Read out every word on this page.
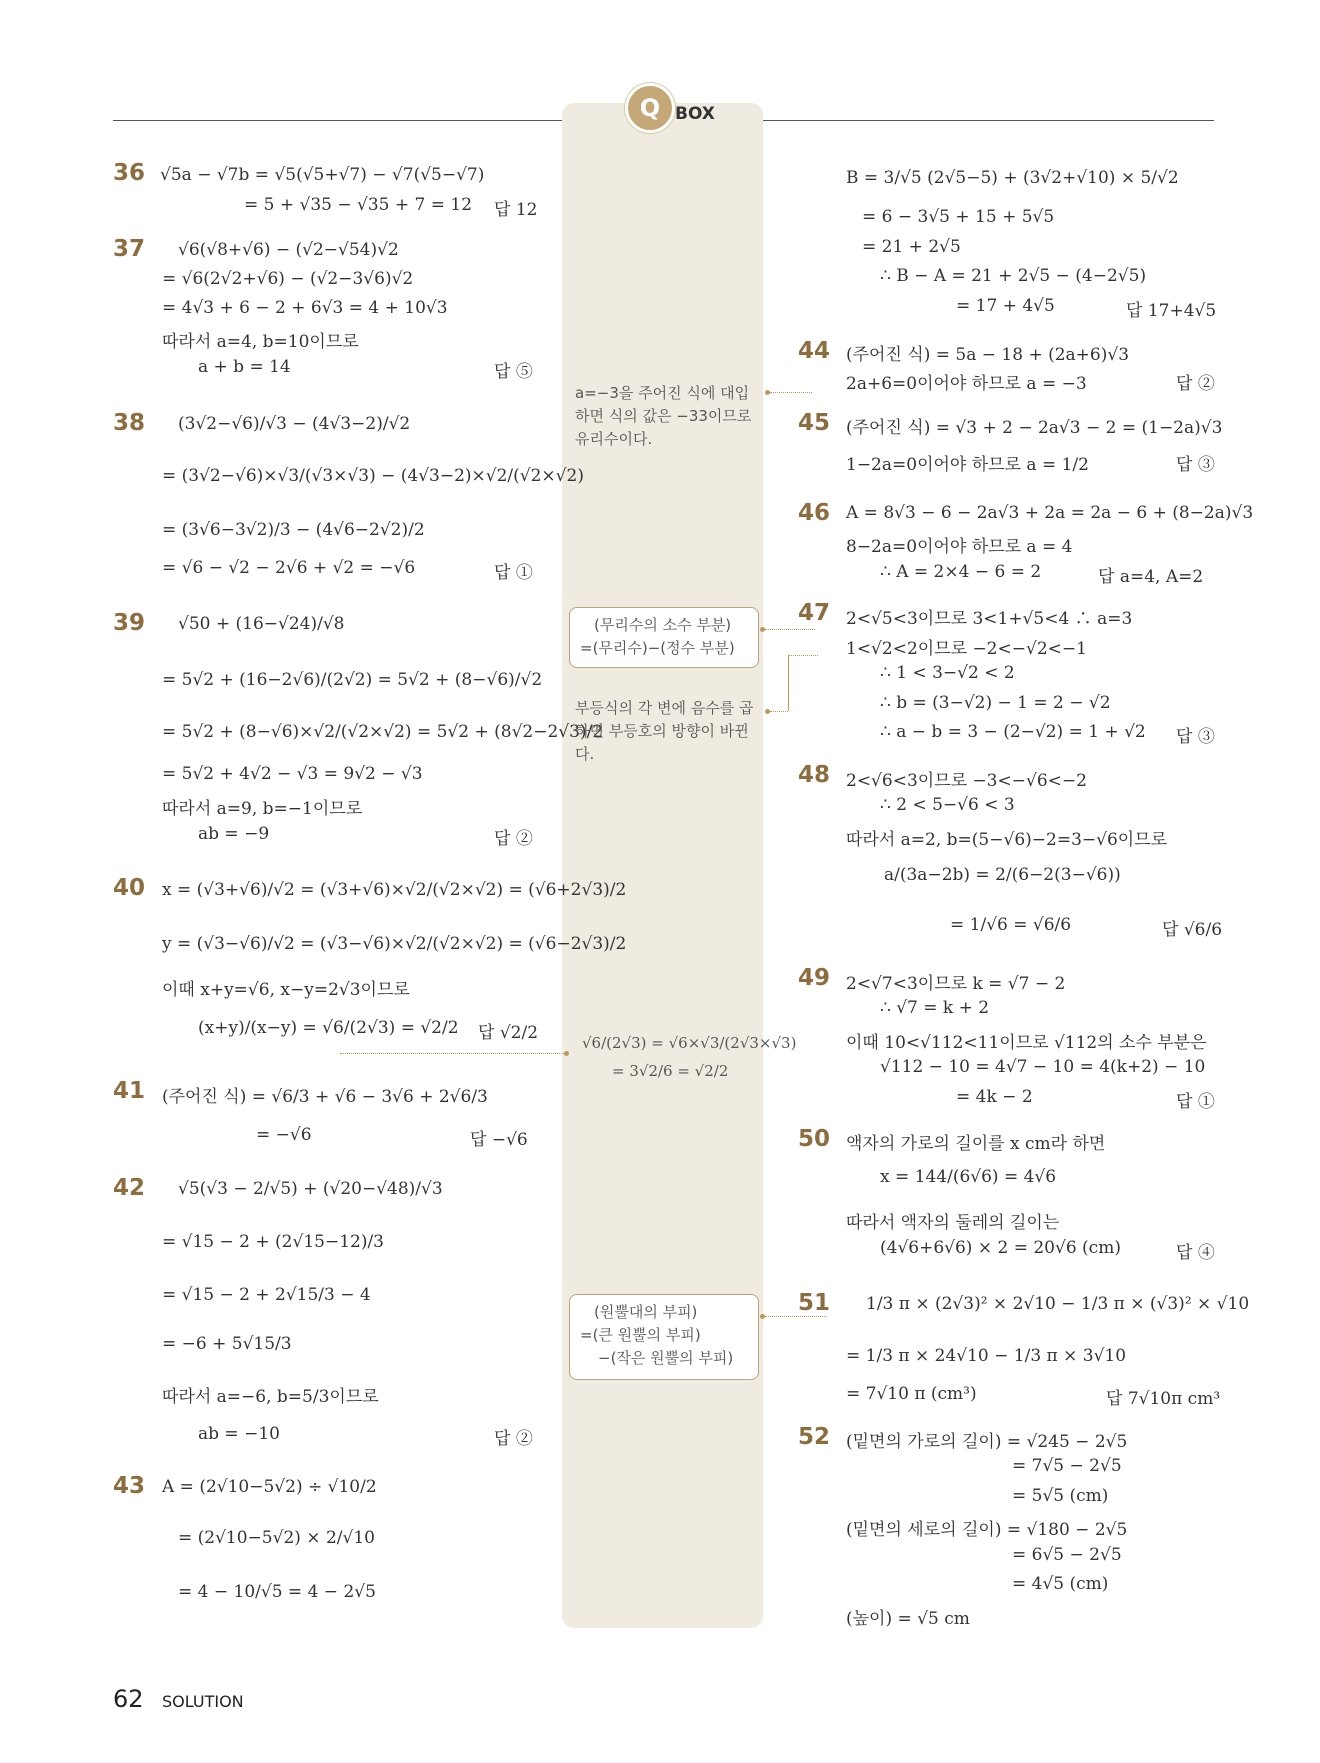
Q BOX
36 √5a − √7b = √5(√5+√7) − √7(√5−√7)
= 5 + √35 − √35 + 7 = 12 답 12
37 √6(√8+√6) − (√2−√54)√2
= √6(2√2+√6) − (√2−3√6)√2
= 4√3 + 6 − 2 + 6√3 = 4 + 10√3
따라서 a=4, b=10이므로
a + b = 14	답 ⑤
38 (3√2−√6)/√3 − (4√3−2)/√2
= (3√2−√6)×√3/(√3×√3) − (4√3−2)×√2/(√2×√2)
= (3√6−3√2)/3 − (4√6−2√2)/2
= √6 − √2 − 2√6 + √2 = −√6	답 ①
39 √50 + (16−√24)/√8
= 5√2 + (16−2√6)/(2√2) = 5√2 + (8−√6)/√2
= 5√2 + (8−√6)×√2/(√2×√2) = 5√2 + (8√2−2√3)/2
= 5√2 + 4√2 − √3 = 9√2 − √3
따라서 a=9, b=−1이므로
ab = −9	답 ②
40 x = (√3+√6)/√2 = (√3+√6)×√2/(√2×√2) = (√6+2√3)/2
y = (√3−√6)/√2 = (√3−√6)×√2/(√2×√2) = (√6−2√3)/2
이때 x+y=√6, x−y=2√3이므로
(x+y)/(x−y) = √6/(2√3) = √2/2 답 √2/2
41 (주어진 식) = √6/3 + √6 − 3√6 + 2√6/3
= −√6	답 −√6
42 √5(√3 − 2/√5) + (√20−√48)/√3
= √15 − 2 + (2√15−12)/3
= √15 − 2 + 2√15/3 − 4
= −6 + 5√15/3
따라서 a=−6, b=5/3이므로
ab = −10	답 ②
43 A = (2√10−5√2) ÷ √10/2
= (2√10−5√2) × 2/√10
= 4 − 10/√5 = 4 − 2√5
a=−3을 주어진 식에 대입하면 식의 값은 −33이므로 유리수이다.
(무리수의 소수 부분)
=(무리수)−(정수 부분)
부등식의 각 변에 음수를 곱하면 부등호의 방향이 바뀐다.
√6/(2√3) = √6×√3/(2√3×√3)
= 3√2/6 = √2/2
(원뿔대의 부피)
=(큰 원뿔의 부피)
−(작은 원뿔의 부피)
B = 3/√5 (2√5−5) + (3√2+√10) × 5/√2
= 6 − 3√5 + 15 + 5√5
= 21 + 2√5
∴ B − A = 21 + 2√5 − (4−2√5)
= 17 + 4√5	답 17+4√5
44 (주어진 식) = 5a − 18 + (2a+6)√3
2a+6=0이어야 하므로 a = −3	답 ②
45 (주어진 식) = √3 + 2 − 2a√3 − 2 = (1−2a)√3
1−2a=0이어야 하므로 a = 1/2	답 ③
46 A = 8√3 − 6 − 2a√3 + 2a = 2a − 6 + (8−2a)√3
8−2a=0이어야 하므로 a = 4
∴ A = 2×4 − 6 = 2	답 a=4, A=2
47 2<√5<3이므로 3<1+√5<4 ∴ a=3
1<√2<2이므로 −2<−√2<−1
∴ 1 < 3−√2 < 2
∴ b = (3−√2) − 1 = 2 − √2
∴ a − b = 3 − (2−√2) = 1 + √2 답 ③
48 2<√6<3이므로 −3<−√6<−2
∴ 2 < 5−√6 < 3
따라서 a=2, b=(5−√6)−2=3−√6이므로
a/(3a−2b) = 2/(6−2(3−√6))
= 1/√6 = √6/6	답 √6/6
49 2<√7<3이므로 k = √7 − 2
∴ √7 = k + 2
이때 10<√112<11이므로 √112의 소수 부분은
√112 − 10 = 4√7 − 10 = 4(k+2) − 10
= 4k − 2	답 ①
50 액자의 가로의 길이를 x cm라 하면
x = 144/(6√6) = 4√6
따라서 액자의 둘레의 길이는
(4√6+6√6) × 2 = 20√6 (cm)	답 ④
51 1/3 π × (2√3)² × 2√10 − 1/3 π × (√3)² × √10
= 1/3 π × 24√10 − 1/3 π × 3√10
= 7√10 π (cm³)	답 7√10π cm³
52 (밑면의 가로의 길이) = √245 − 2√5
= 7√5 − 2√5
= 5√5 (cm)
(밑면의 세로의 길이) = √180 − 2√5
= 6√5 − 2√5
= 4√5 (cm)
(높이) = √5 cm
62 SOLUTION
